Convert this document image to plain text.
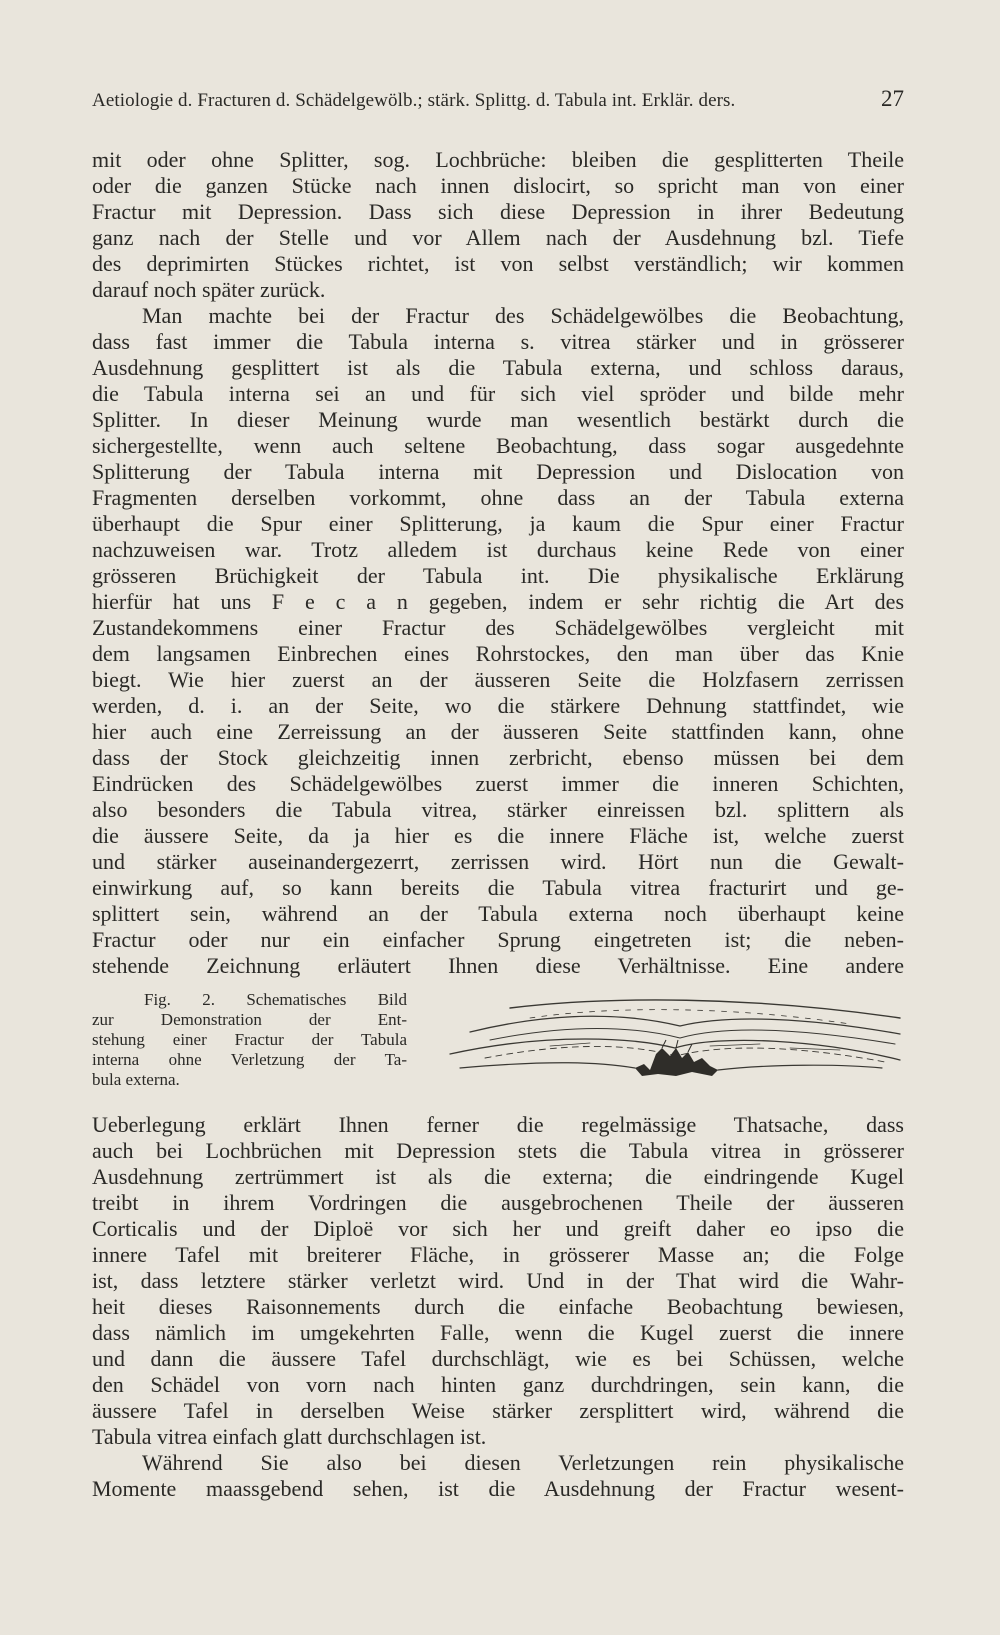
Aetiologie d. Fracturen d. Schädelgewölb.; stärk. Splittg. d. Tabula int. Erklär. ders.	27
mit oder ohne Splitter, sog. Lochbrüche: bleiben die gesplitterten Theile
oder die ganzen Stücke nach innen dislocirt, so spricht man von einer
Fractur mit Depression. Dass sich diese Depression in ihrer Bedeutung
ganz nach der Stelle und vor Allem nach der Ausdehnung bzl. Tiefe
des deprimirten Stückes richtet, ist von selbst verständlich; wir kommen
darauf noch später zurück.
Man machte bei der Fractur des Schädelgewölbes die Beobachtung,
dass fast immer die Tabula interna s. vitrea stärker und in grösserer
Ausdehnung gesplittert ist als die Tabula externa, und schloss daraus,
die Tabula interna sei an und für sich viel spröder und bilde mehr
Splitter. In dieser Meinung wurde man wesentlich bestärkt durch die
sichergestellte, wenn auch seltene Beobachtung, dass sogar ausgedehnte
Splitterung der Tabula interna mit Depression und Dislocation von
Fragmenten derselben vorkommt, ohne dass an der Tabula externa
überhaupt die Spur einer Splitterung, ja kaum die Spur einer Fractur
nachzuweisen war. Trotz alledem ist durchaus keine Rede von einer
grösseren Brüchigkeit der Tabula int. Die physikalische Erklärung
hierfür hat uns F e c a n gegeben, indem er sehr richtig die Art des
Zustandekommens einer Fractur des Schädelgewölbes vergleicht mit
dem langsamen Einbrechen eines Rohrstockes, den man über das Knie
biegt. Wie hier zuerst an der äusseren Seite die Holzfasern zerrissen
werden, d. i. an der Seite, wo die stärkere Dehnung stattfindet, wie
hier auch eine Zerreissung an der äusseren Seite stattfinden kann, ohne
dass der Stock gleichzeitig innen zerbricht, ebenso müssen bei dem
Eindrücken des Schädelgewölbes zuerst immer die inneren Schichten,
also besonders die Tabula vitrea, stärker einreissen bzl. splittern als
die äussere Seite, da ja hier es die innere Fläche ist, welche zuerst
und stärker auseinandergezerrt, zerrissen wird. Hört nun die Gewalt-
einwirkung auf, so kann bereits die Tabula vitrea fracturirt und ge-
splittert sein, während an der Tabula externa noch überhaupt keine
Fractur oder nur ein einfacher Sprung eingetreten ist; die neben-
stehende Zeichnung erläutert Ihnen diese Verhältnisse. Eine andere
Fig. 2. Schematisches Bild
zur Demonstration der Ent-
stehung einer Fractur der Tabula
interna ohne Verletzung der Ta-
bula externa.
Ueberlegung erklärt Ihnen ferner die regelmässige Thatsache, dass
auch bei Lochbrüchen mit Depression stets die Tabula vitrea in grösserer
Ausdehnung zertrümmert ist als die externa; die eindringende Kugel
treibt in ihrem Vordringen die ausgebrochenen Theile der äusseren
Corticalis und der Diploë vor sich her und greift daher eo ipso die
innere Tafel mit breiterer Fläche, in grösserer Masse an; die Folge
ist, dass letztere stärker verletzt wird. Und in der That wird die Wahr-
heit dieses Raisonnements durch die einfache Beobachtung bewiesen,
dass nämlich im umgekehrten Falle, wenn die Kugel zuerst die innere
und dann die äussere Tafel durchschlägt, wie es bei Schüssen, welche
den Schädel von vorn nach hinten ganz durchdringen, sein kann, die
äussere Tafel in derselben Weise stärker zersplittert wird, während die
Tabula vitrea einfach glatt durchschlagen ist.
Während Sie also bei diesen Verletzungen rein physikalische
Momente maassgebend sehen, ist die Ausdehnung der Fractur wesent-
